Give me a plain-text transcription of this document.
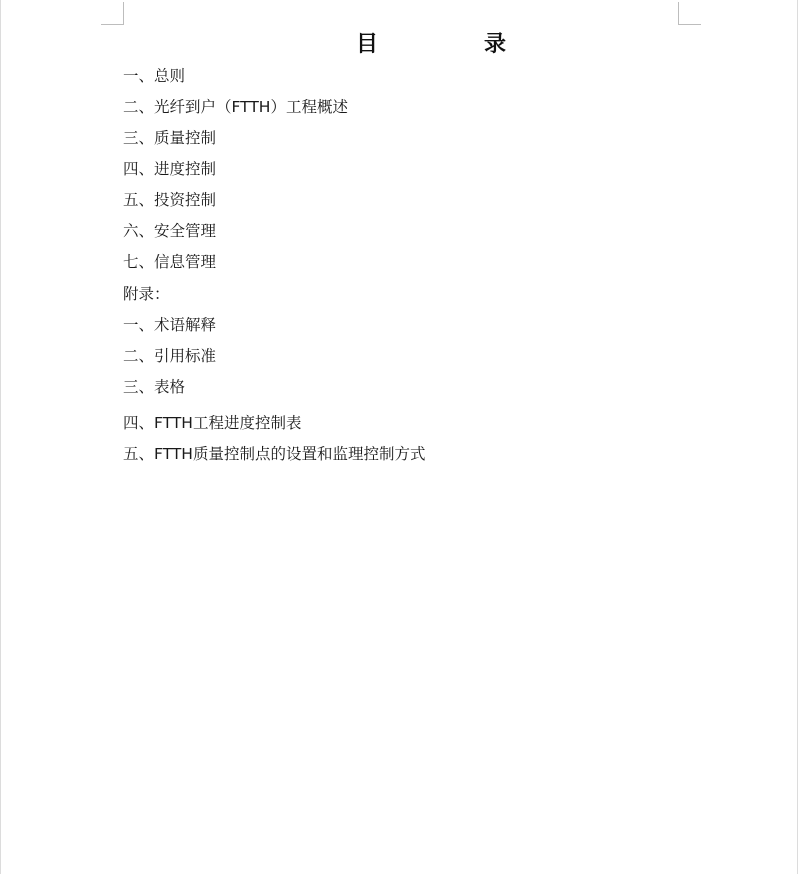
目　录
一、总则
二、光纤到户（FTTH）工程概述
三、质量控制
四、进度控制
五、投资控制
六、安全管理
七、信息管理
附录：
一、术语解释
二、引用标准
三、表格
四、FTTH工程进度控制表
五、FTTH质量控制点的设置和监理控制方式
